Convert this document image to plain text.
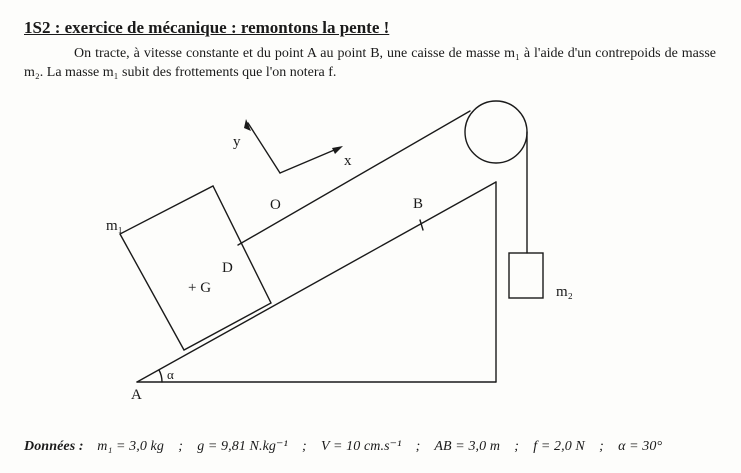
1S2 : exercice de mécanique : remontons la pente !
On tracte, à vitesse constante et du point A au point B, une caisse de masse m₁ à l'aide d'un contrepoids de masse m₂. La masse m₁ subit des frottements que l'on notera f.
y
x
O	B
m₁
D
+ G
A
α
m₂
Données : m₁ = 3,0 kg ; g = 9,81 N.kg⁻¹ ; V = 10 cm.s⁻¹ ; AB = 3,0 m ; f = 2,0 N ; α = 30°
